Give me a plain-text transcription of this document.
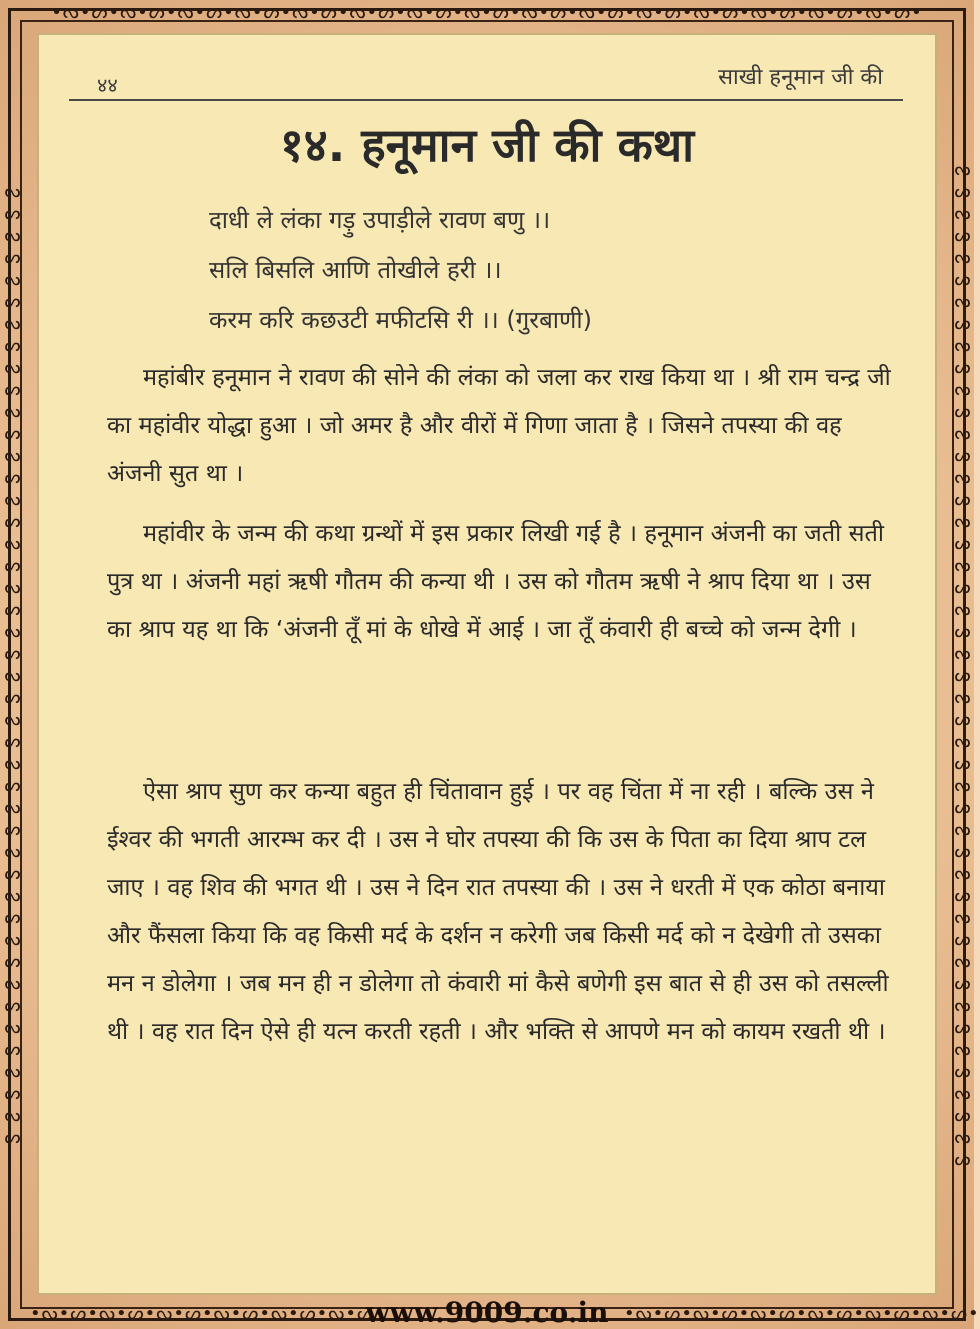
•ᔓ•ᔕ•ᔓ•ᔕ•ᔓ•ᔕ•ᔓ•ᔕ•ᔓ•ᔕ•ᔓ•ᔕ•ᔓ•ᔕ•ᔓ•ᔕ•ᔓ•ᔕ•ᔓ•ᔕ•ᔓ•ᔕ•ᔓ•ᔕ•ᔓ•ᔕ•ᔓ•ᔕ•ᔓ•ᔕ•
•ᔓ•ᔕ•ᔓ•ᔕ•ᔓ•ᔕ•ᔓ•ᔕ•ᔓ•ᔕ•ᔓ•ᔕ•	•ᔓ•ᔕ•ᔓ•ᔕ•ᔓ•ᔕ•ᔓ•ᔕ•ᔓ•ᔕ•ᔓ•ᔕ•
ᔓᔕᔓᔕᔓᔕᔓᔕᔓᔕᔓᔕᔓᔕᔓᔕᔓᔕᔓᔕᔓᔕᔓᔕᔓᔕᔓᔕᔓᔕᔓᔕᔓᔕᔓᔕᔓᔕᔓᔕᔓᔕᔓᔕ	ᔓᔕᔓᔕᔓᔕᔓᔕᔓᔕᔓᔕᔓᔕᔓᔕᔓᔕᔓᔕᔓᔕᔓᔕᔓᔕᔓᔕᔓᔕᔓᔕᔓᔕᔓᔕᔓᔕᔓᔕᔓᔕᔓᔕᔓᔕ
४४	साखी हनूमान जी की
१४. हनूमान जी की कथा
दाधी ले लंका गड़ु उपाड़ीले रावण बणु ।।
सलि बिसलि आणि तोखीले हरी ।।
करम करि कछउटी मफीटसि री ।। (गुरबाणी)

महांबीर हनूमान ने रावण की सोने की लंका को जला कर राख किया था । श्री राम चन्द्र जी का महांवीर योद्धा हुआ । जो अमर है और वीरों में गिणा जाता है । जिसने तपस्या की वह अंजनी सुत था ।

महांवीर के जन्म की कथा ग्रन्थों में इस प्रकार लिखी गई है । हनूमान अंजनी का जती सती पुत्र था । अंजनी महां ऋषी गौतम की कन्या थी । उस को गौतम ऋषी ने श्राप दिया था । उस का श्राप यह था कि ‘अंजनी तूँ मां के धोखे में आई । जा तूँ कंवारी ही बच्चे को जन्म देगी ।

ऐसा श्राप सुण कर कन्या बहुत ही चिंतावान हुई । पर वह चिंता में ना रही । बल्कि उस ने ईश्वर की भगती आरम्भ कर दी । उस ने घोर तपस्या की कि उस के पिता का दिया श्राप टल जाए । वह शिव की भगत थी । उस ने दिन रात तपस्या की । उस ने धरती में एक कोठा बनाया और फैंसला किया कि वह किसी मर्द के दर्शन न करेगी जब किसी मर्द को न देखेगी तो उसका मन न डोलेगा । जब मन ही न डोलेगा तो कंवारी मां कैसे बणेगी इस बात से ही उस को तसल्ली थी । वह रात दिन ऐसे ही यत्न करती रहती । और भक्ति से आपणे मन को कायम रखती थी ।

www.9009.co.in
